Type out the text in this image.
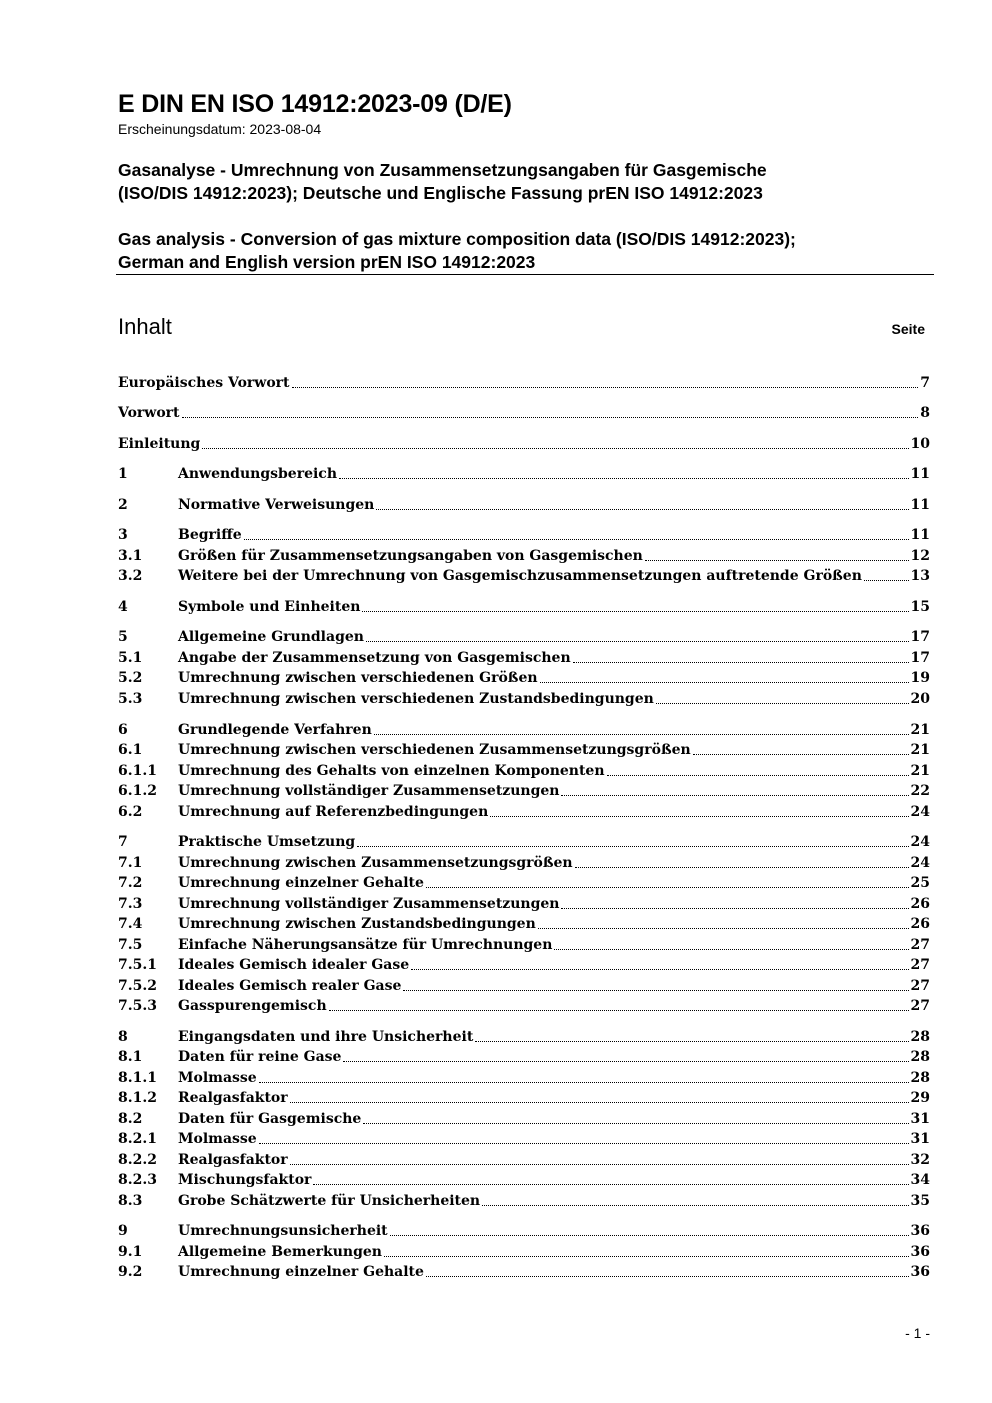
E DIN EN ISO 14912:2023-09 (D/E)
Erscheinungsdatum: 2023-08-04
Gasanalyse - Umrechnung von Zusammensetzungsangaben für Gasgemische
(ISO/DIS 14912:2023); Deutsche und Englische Fassung prEN ISO 14912:2023
Gas analysis - Conversion of gas mixture composition data (ISO/DIS 14912:2023);
German and English version prEN ISO 14912:2023
Inhalt	Seite
Europäisches Vorwort	7
Vorwort	8
Einleitung	10
1	Anwendungsbereich	11
2	Normative Verweisungen	11
3	Begriffe	11
3.1	Größen für Zusammensetzungsangaben von Gasgemischen	12
3.2	Weitere bei der Umrechnung von Gasgemischzusammensetzungen auftretende Größen	13
4	Symbole und Einheiten	15
5	Allgemeine Grundlagen	17
5.1	Angabe der Zusammensetzung von Gasgemischen	17
5.2	Umrechnung zwischen verschiedenen Größen	19
5.3	Umrechnung zwischen verschiedenen Zustandsbedingungen	20
6	Grundlegende Verfahren	21
6.1	Umrechnung zwischen verschiedenen Zusammensetzungsgrößen	21
6.1.1	Umrechnung des Gehalts von einzelnen Komponenten	21
6.1.2	Umrechnung vollständiger Zusammensetzungen	22
6.2	Umrechnung auf Referenzbedingungen	24
7	Praktische Umsetzung	24
7.1	Umrechnung zwischen Zusammensetzungsgrößen	24
7.2	Umrechnung einzelner Gehalte	25
7.3	Umrechnung vollständiger Zusammensetzungen	26
7.4	Umrechnung zwischen Zustandsbedingungen	26
7.5	Einfache Näherungsansätze für Umrechnungen	27
7.5.1	Ideales Gemisch idealer Gase	27
7.5.2	Ideales Gemisch realer Gase	27
7.5.3	Gasspurengemisch	27
8	Eingangsdaten und ihre Unsicherheit	28
8.1	Daten für reine Gase	28
8.1.1	Molmasse	28
8.1.2	Realgasfaktor	29
8.2	Daten für Gasgemische	31
8.2.1	Molmasse	31
8.2.2	Realgasfaktor	32
8.2.3	Mischungsfaktor	34
8.3	Grobe Schätzwerte für Unsicherheiten	35
9	Umrechnungsunsicherheit	36
9.1	Allgemeine Bemerkungen	36
9.2	Umrechnung einzelner Gehalte	36
- 1 -
